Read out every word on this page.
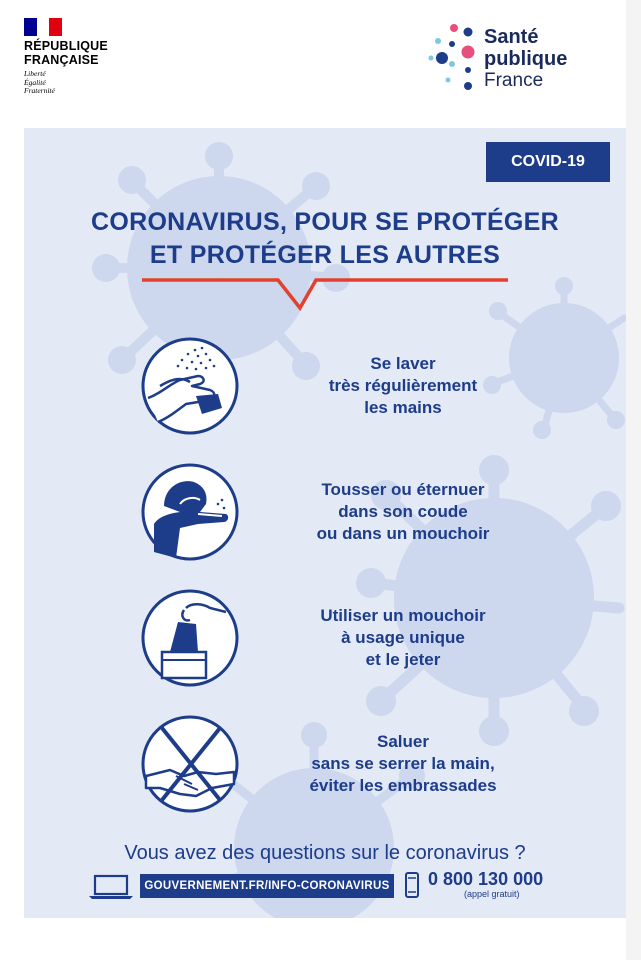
RÉPUBLIQUE
FRANÇAISE
Liberté
Égalité
Fraternité
Santé
publique
France
COVID-19
CORONAVIRUS, POUR SE PROTÉGER
ET PROTÉGER LES AUTRES
Se laver
très régulièrement
les mains
Tousser ou éternuer
dans son coude
ou dans un mouchoir
Utiliser un mouchoir
à usage unique
et le jeter
Saluer
sans se serrer la main,
éviter les embrassades
Vous avez des questions sur le coronavirus ?
GOUVERNEMENT.FR/INFO-CORONAVIRUS 0 800 130 000
(appel gratuit)
